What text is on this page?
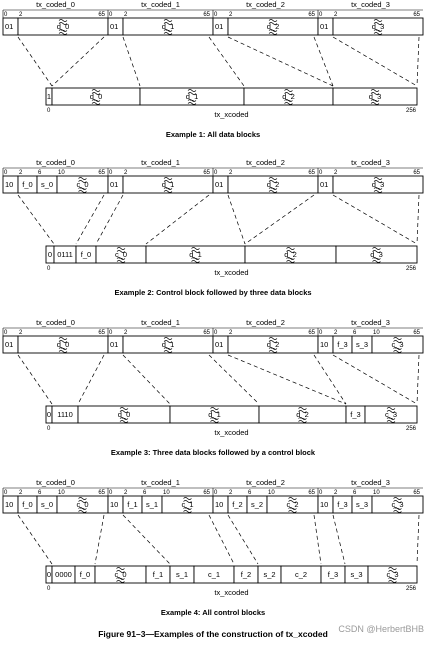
tx_coded_0
01	d_0
0 2	65
tx_coded_1
01	d_1
0 2	65
tx_coded_2
01	d_2
0 2	65
tx_coded_3
01	d_3
0 2	65
1	d_0	d_1	d_2	d_3
0	256
tx_xcoded
Example 1: All data blocks
tx_coded_0
10 f_0 s_0	c_0
0 2	6	10	65
tx_coded_1
01	d_1
0 2	65
tx_coded_2
01	d_2
0 2	65
tx_coded_3
01	d_3
0 2	65
0 0111 f_0	c_0	d_1	d_2	d_3
0	256
tx_xcoded
Example 2: Control block followed by three data blocks
tx_coded_0
01	d_0
0 2	65
tx_coded_1
01	d_1
0 2	65
tx_coded_2
01	d_2
0 2	65
tx_coded_3
10 f_3 s_3	c_3
0 2	6	10	65
0 1110	d_0	d_1	d_2	f_3	c_3
0	256
tx_xcoded
Example 3: Three data blocks followed by a control block
tx_coded_0
10 f_0 s_0	c_0
0 2	6	10	65
tx_coded_1
10 f_1 s_1	c_1
0 2	6	10	65
tx_coded_2
10 f_2 s_2	c_2
0 2	6	10	65
tx_coded_3
10 f_3 s_3	c_3
0 2	6	10	65
0 0000 f_0	c_0	f_1 s_1	c_1	f_2 s_2	c_2	f_3 s_3	c_3
0	256
tx_xcoded
Example 4: All control blocks
Figure 91–3—Examples of the construction of tx_xcoded CSDN @HerbertBHB
